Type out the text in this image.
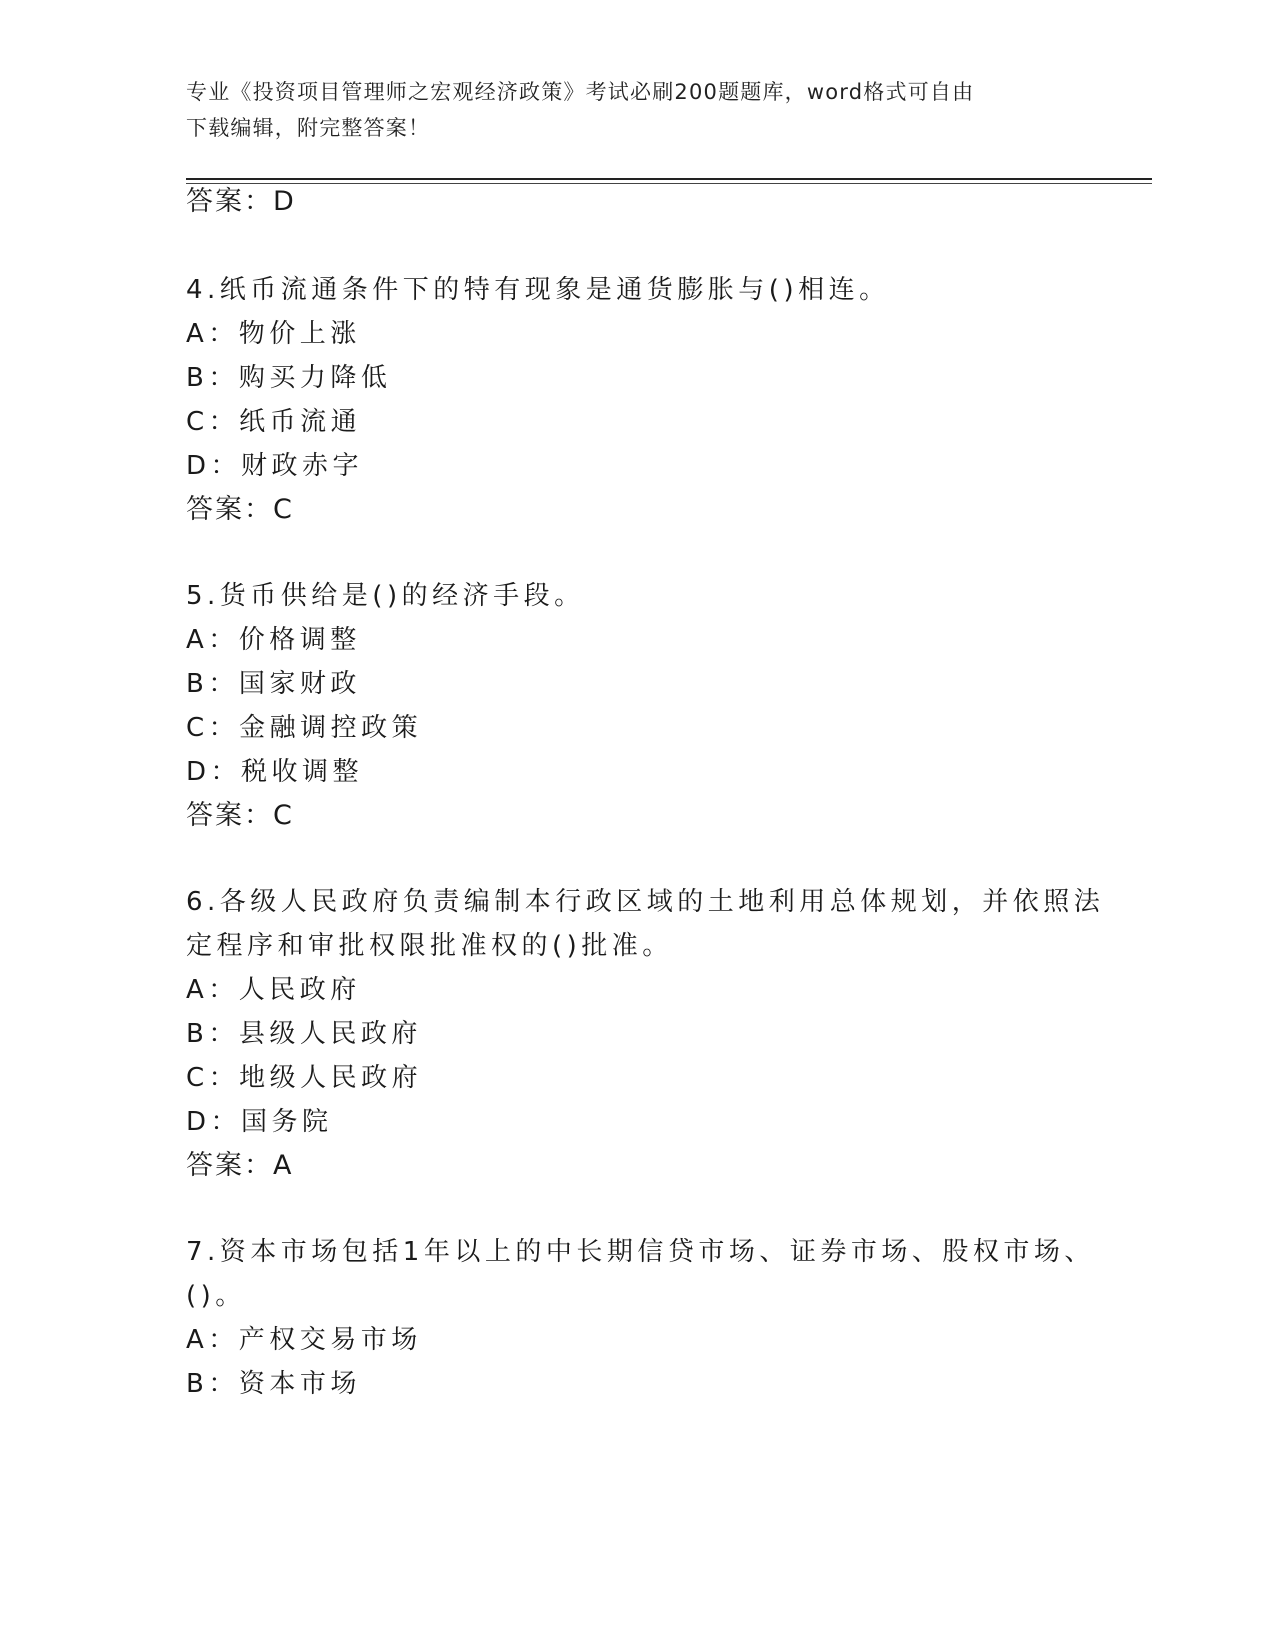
专业《投资项目管理师之宏观经济政策》考试必刷200题题库，word格式可自由
下载编辑，附完整答案！
答案：D
4.纸币流通条件下的特有现象是通货膨胀与()相连。
A：物价上涨
B：购买力降低
C：纸币流通
D：财政赤字
答案：C
5.货币供给是()的经济手段。
A：价格调整
B：国家财政
C：金融调控政策
D：税收调整
答案：C
6.各级人民政府负责编制本行政区域的土地利用总体规划，并依照法
定程序和审批权限批准权的()批准。
A：人民政府
B：县级人民政府
C：地级人民政府
D：国务院
答案：A
7.资本市场包括1年以上的中长期信贷市场、证券市场、股权市场、
()。
A：产权交易市场
B：资本市场
